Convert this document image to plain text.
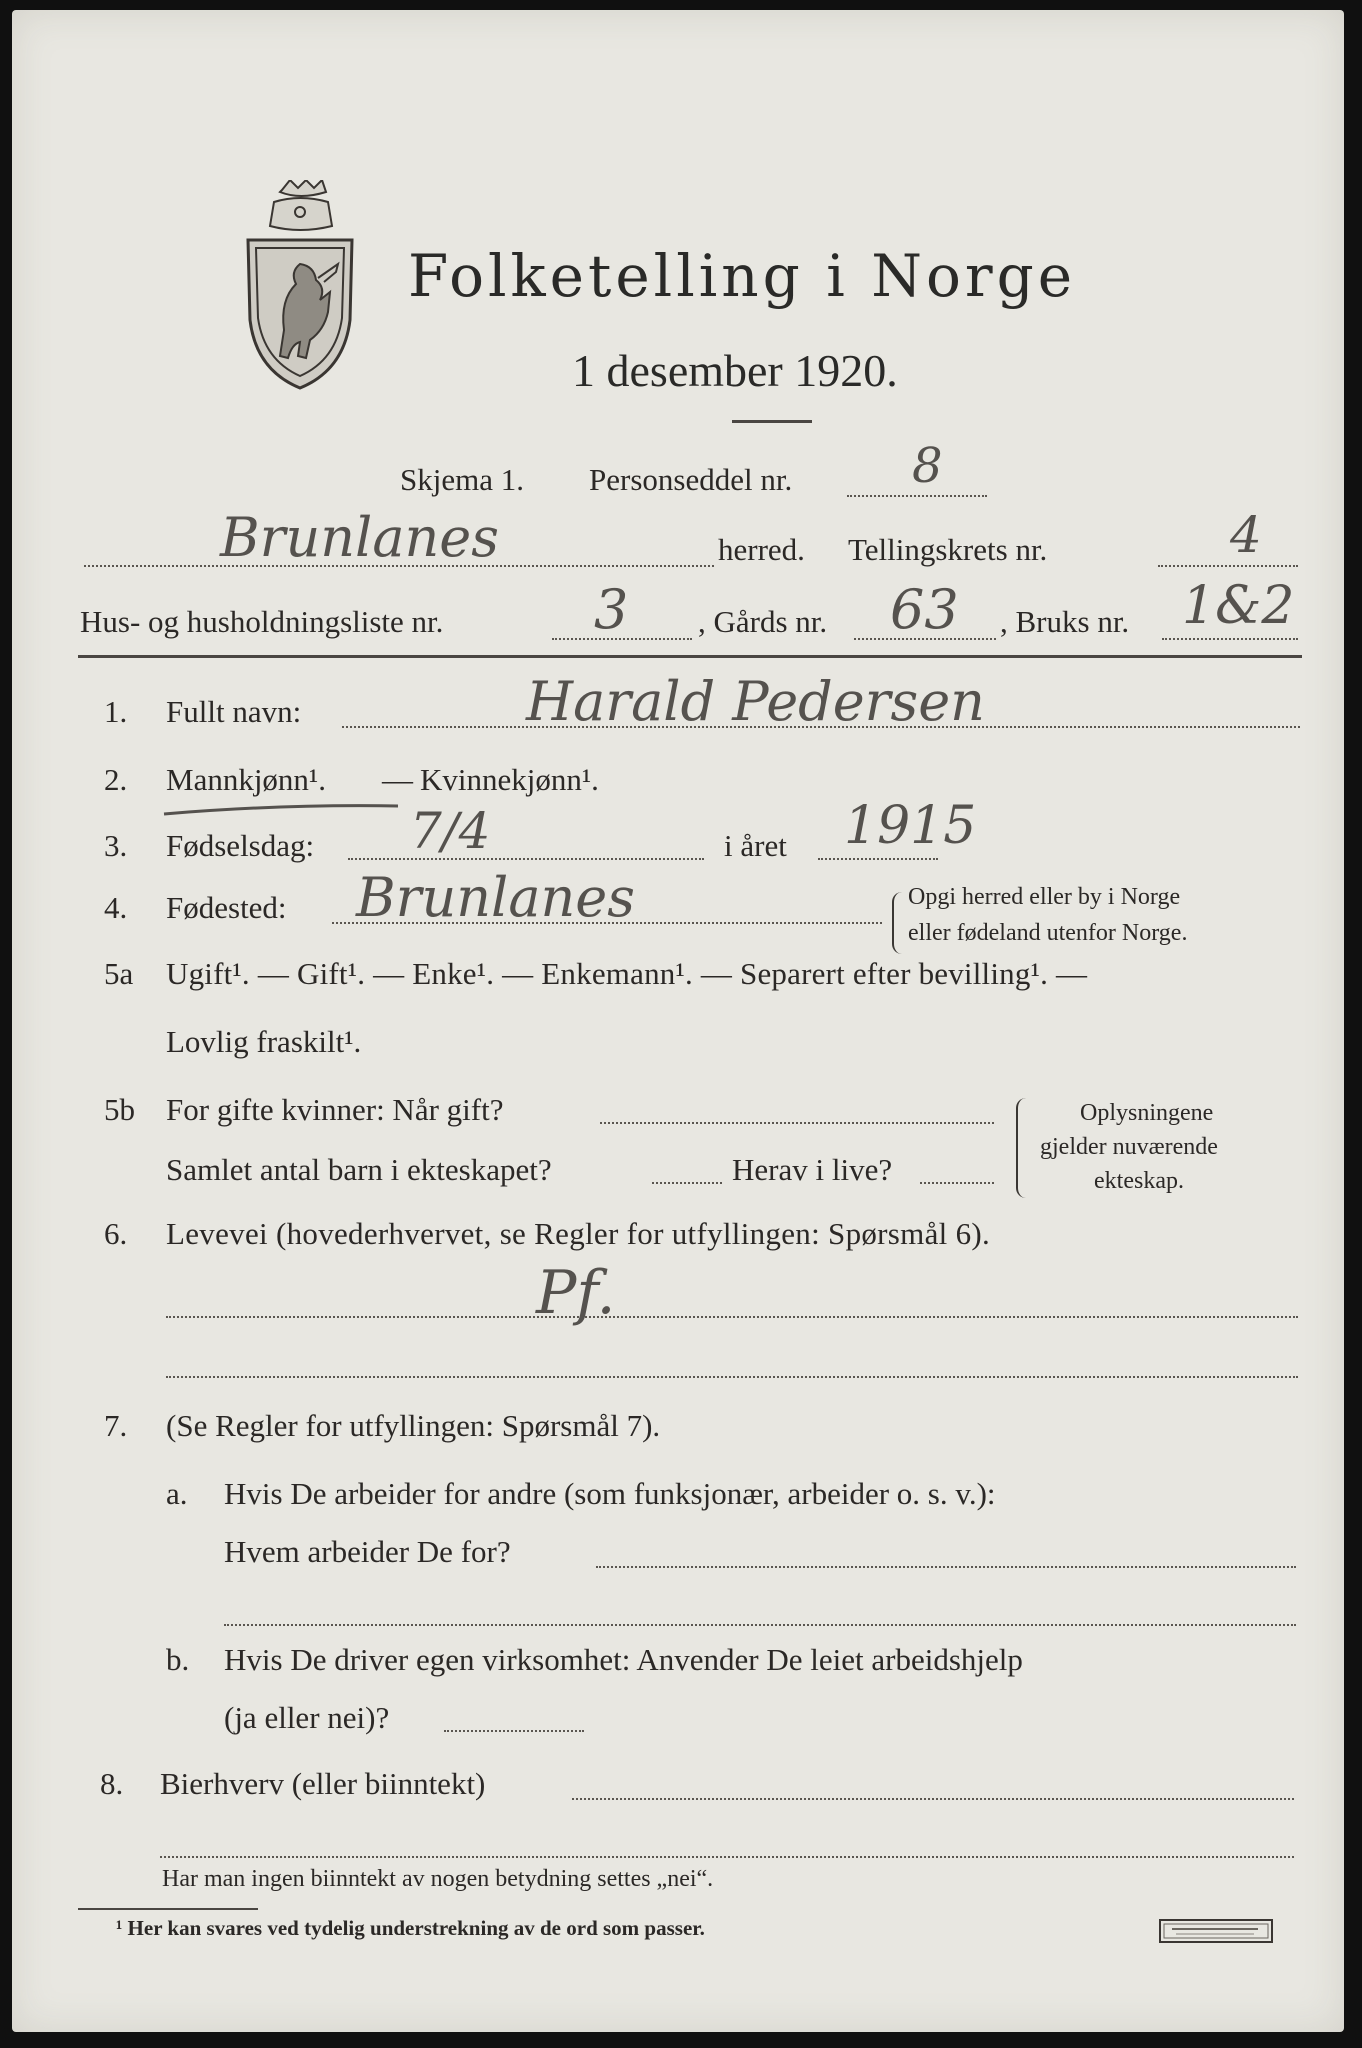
Folketelling i Norge
1 desember 1920.
Skjema 1. Personseddel nr. 8
Brunlanes	herred. Tellingskrets nr.	4
Hus- og husholdningsliste nr.	3 , Gårds nr. 63 , Bruks nr. 1&2
1. Fullt navn:	Harald Pedersen
2. Mannkjønn¹. — Kvinnekjønn¹.
3. Fødselsdag: 7/4	i året 1915
4. Fødested: Brunlanes	Opgi herred eller by i Norge
eller fødeland utenfor Norge.
5a Ugift¹. — Gift¹. — Enke¹. — Enkemann¹. — Separert efter bevilling¹. —
Lovlig fraskilt¹.
5b For gifte kvinner: Når gift?
Samlet antal barn i ekteskapet?	Herav i live?
Oplysningene
gjelder nuværende
ekteskap.
6. Levevei (hovederhvervet, se Regler for utfyllingen: Spørsmål 6).
Pf.
7. (Se Regler for utfyllingen: Spørsmål 7).
a. Hvis De arbeider for andre (som funksjonær, arbeider o. s. v.):
Hvem arbeider De for?
b. Hvis De driver egen virksomhet: Anvender De leiet arbeidshjelp
(ja eller nei)?
8. Bierhverv (eller biinntekt)
Har man ingen biinntekt av nogen betydning settes „nei“.
¹ Her kan svares ved tydelig understrekning av de ord som passer.
